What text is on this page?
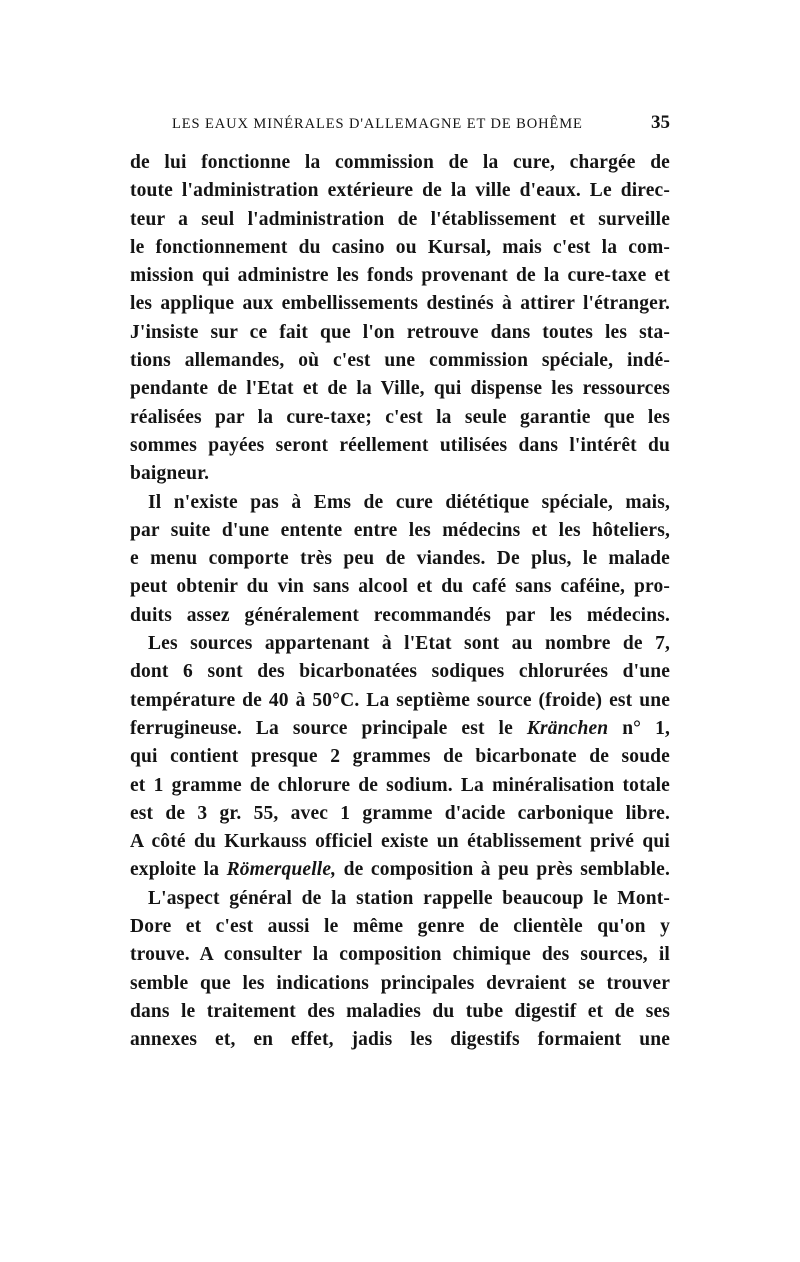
LES EAUX MINÉRALES D'ALLEMAGNE ET DE BOHÊME	35
de lui fonctionne la commission de la cure, chargée de
toute l'administration extérieure de la ville d'eaux. Le direc-
teur a seul l'administration de l'établissement et surveille
le fonctionnement du casino ou Kursal, mais c'est la com-
mission qui administre les fonds provenant de la cure-taxe et
les applique aux embellissements destinés à attirer l'étranger.
J'insiste sur ce fait que l'on retrouve dans toutes les sta-
tions allemandes, où c'est une commission spéciale, indé-
pendante de l'Etat et de la Ville, qui dispense les ressources
réalisées par la cure-taxe; c'est la seule garantie que les
sommes payées seront réellement utilisées dans l'intérêt du
baigneur.
Il n'existe pas à Ems de cure diététique spéciale, mais,
par suite d'une entente entre les médecins et les hôteliers,
e menu comporte très peu de viandes. De plus, le malade
peut obtenir du vin sans alcool et du café sans caféine, pro-
duits assez généralement recommandés par les médecins.
Les sources appartenant à l'Etat sont au nombre de 7,
dont 6 sont des bicarbonatées sodiques chlorurées d'une
température de 40 à 50°C. La septième source (froide) est une
ferrugineuse. La source principale est le Kränchen n° 1,
qui contient presque 2 grammes de bicarbonate de soude
et 1 gramme de chlorure de sodium. La minéralisation totale
est de 3 gr. 55, avec 1 gramme d'acide carbonique libre.
A côté du Kurkauss officiel existe un établissement privé qui
exploite la Römerquelle, de composition à peu près semblable.
L'aspect général de la station rappelle beaucoup le Mont-
Dore et c'est aussi le même genre de clientèle qu'on y
trouve. A consulter la composition chimique des sources, il
semble que les indications principales devraient se trouver
dans le traitement des maladies du tube digestif et de ses
annexes et, en effet, jadis les digestifs formaient une
